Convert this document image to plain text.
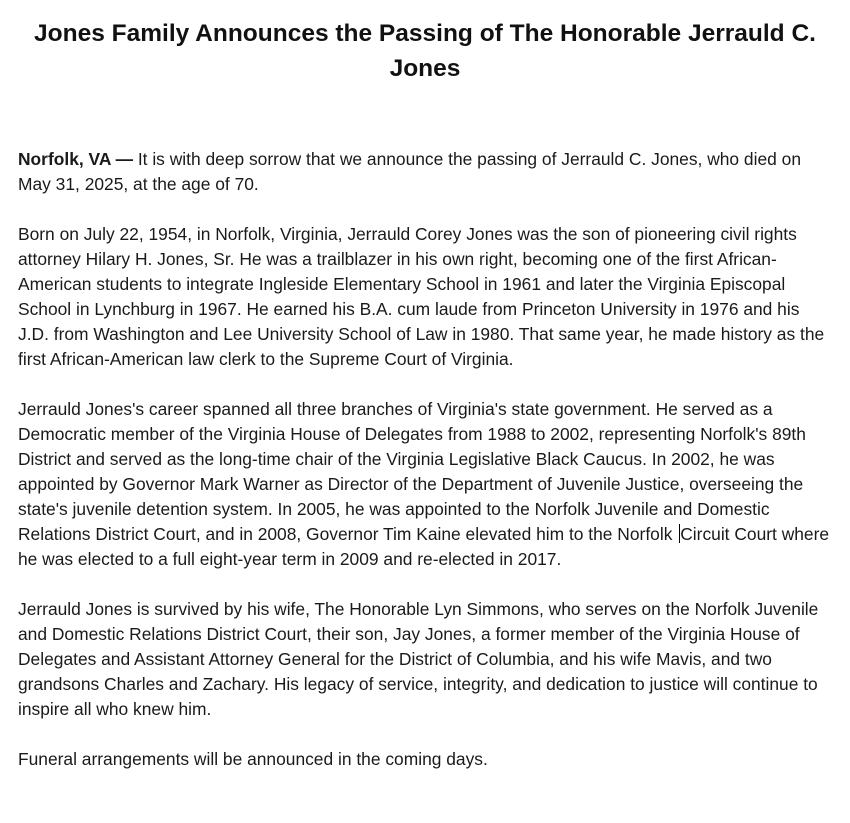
Jones Family Announces the Passing of The Honorable Jerrauld C. Jones

Norfolk, VA — It is with deep sorrow that we announce the passing of Jerrauld C. Jones, who died on May 31, 2025, at the age of 70.

Born on July 22, 1954, in Norfolk, Virginia, Jerrauld Corey Jones was the son of pioneering civil rights attorney Hilary H. Jones, Sr. He was a trailblazer in his own right, becoming one of the first African-American students to integrate Ingleside Elementary School in 1961 and later the Virginia Episcopal School in Lynchburg in 1967. He earned his B.A. cum laude from Princeton University in 1976 and his J.D. from Washington and Lee University School of Law in 1980. That same year, he made history as the first African-American law clerk to the Supreme Court of Virginia.

Jerrauld Jones's career spanned all three branches of Virginia's state government. He served as a Democratic member of the Virginia House of Delegates from 1988 to 2002, representing Norfolk's 89th District and served as the long-time chair of the Virginia Legislative Black Caucus. In 2002, he was appointed by Governor Mark Warner as Director of the Department of Juvenile Justice, overseeing the state's juvenile detention system. In 2005, he was appointed to the Norfolk Juvenile and Domestic Relations District Court, and in 2008, Governor Tim Kaine elevated him to the Norfolk Circuit Court where he was elected to a full eight-year term in 2009 and re-elected in 2017.

Jerrauld Jones is survived by his wife, The Honorable Lyn Simmons, who serves on the Norfolk Juvenile and Domestic Relations District Court, their son, Jay Jones, a former member of the Virginia House of Delegates and Assistant Attorney General for the District of Columbia, and his wife Mavis, and two grandsons Charles and Zachary. His legacy of service, integrity, and dedication to justice will continue to inspire all who knew him.

Funeral arrangements will be announced in the coming days.
